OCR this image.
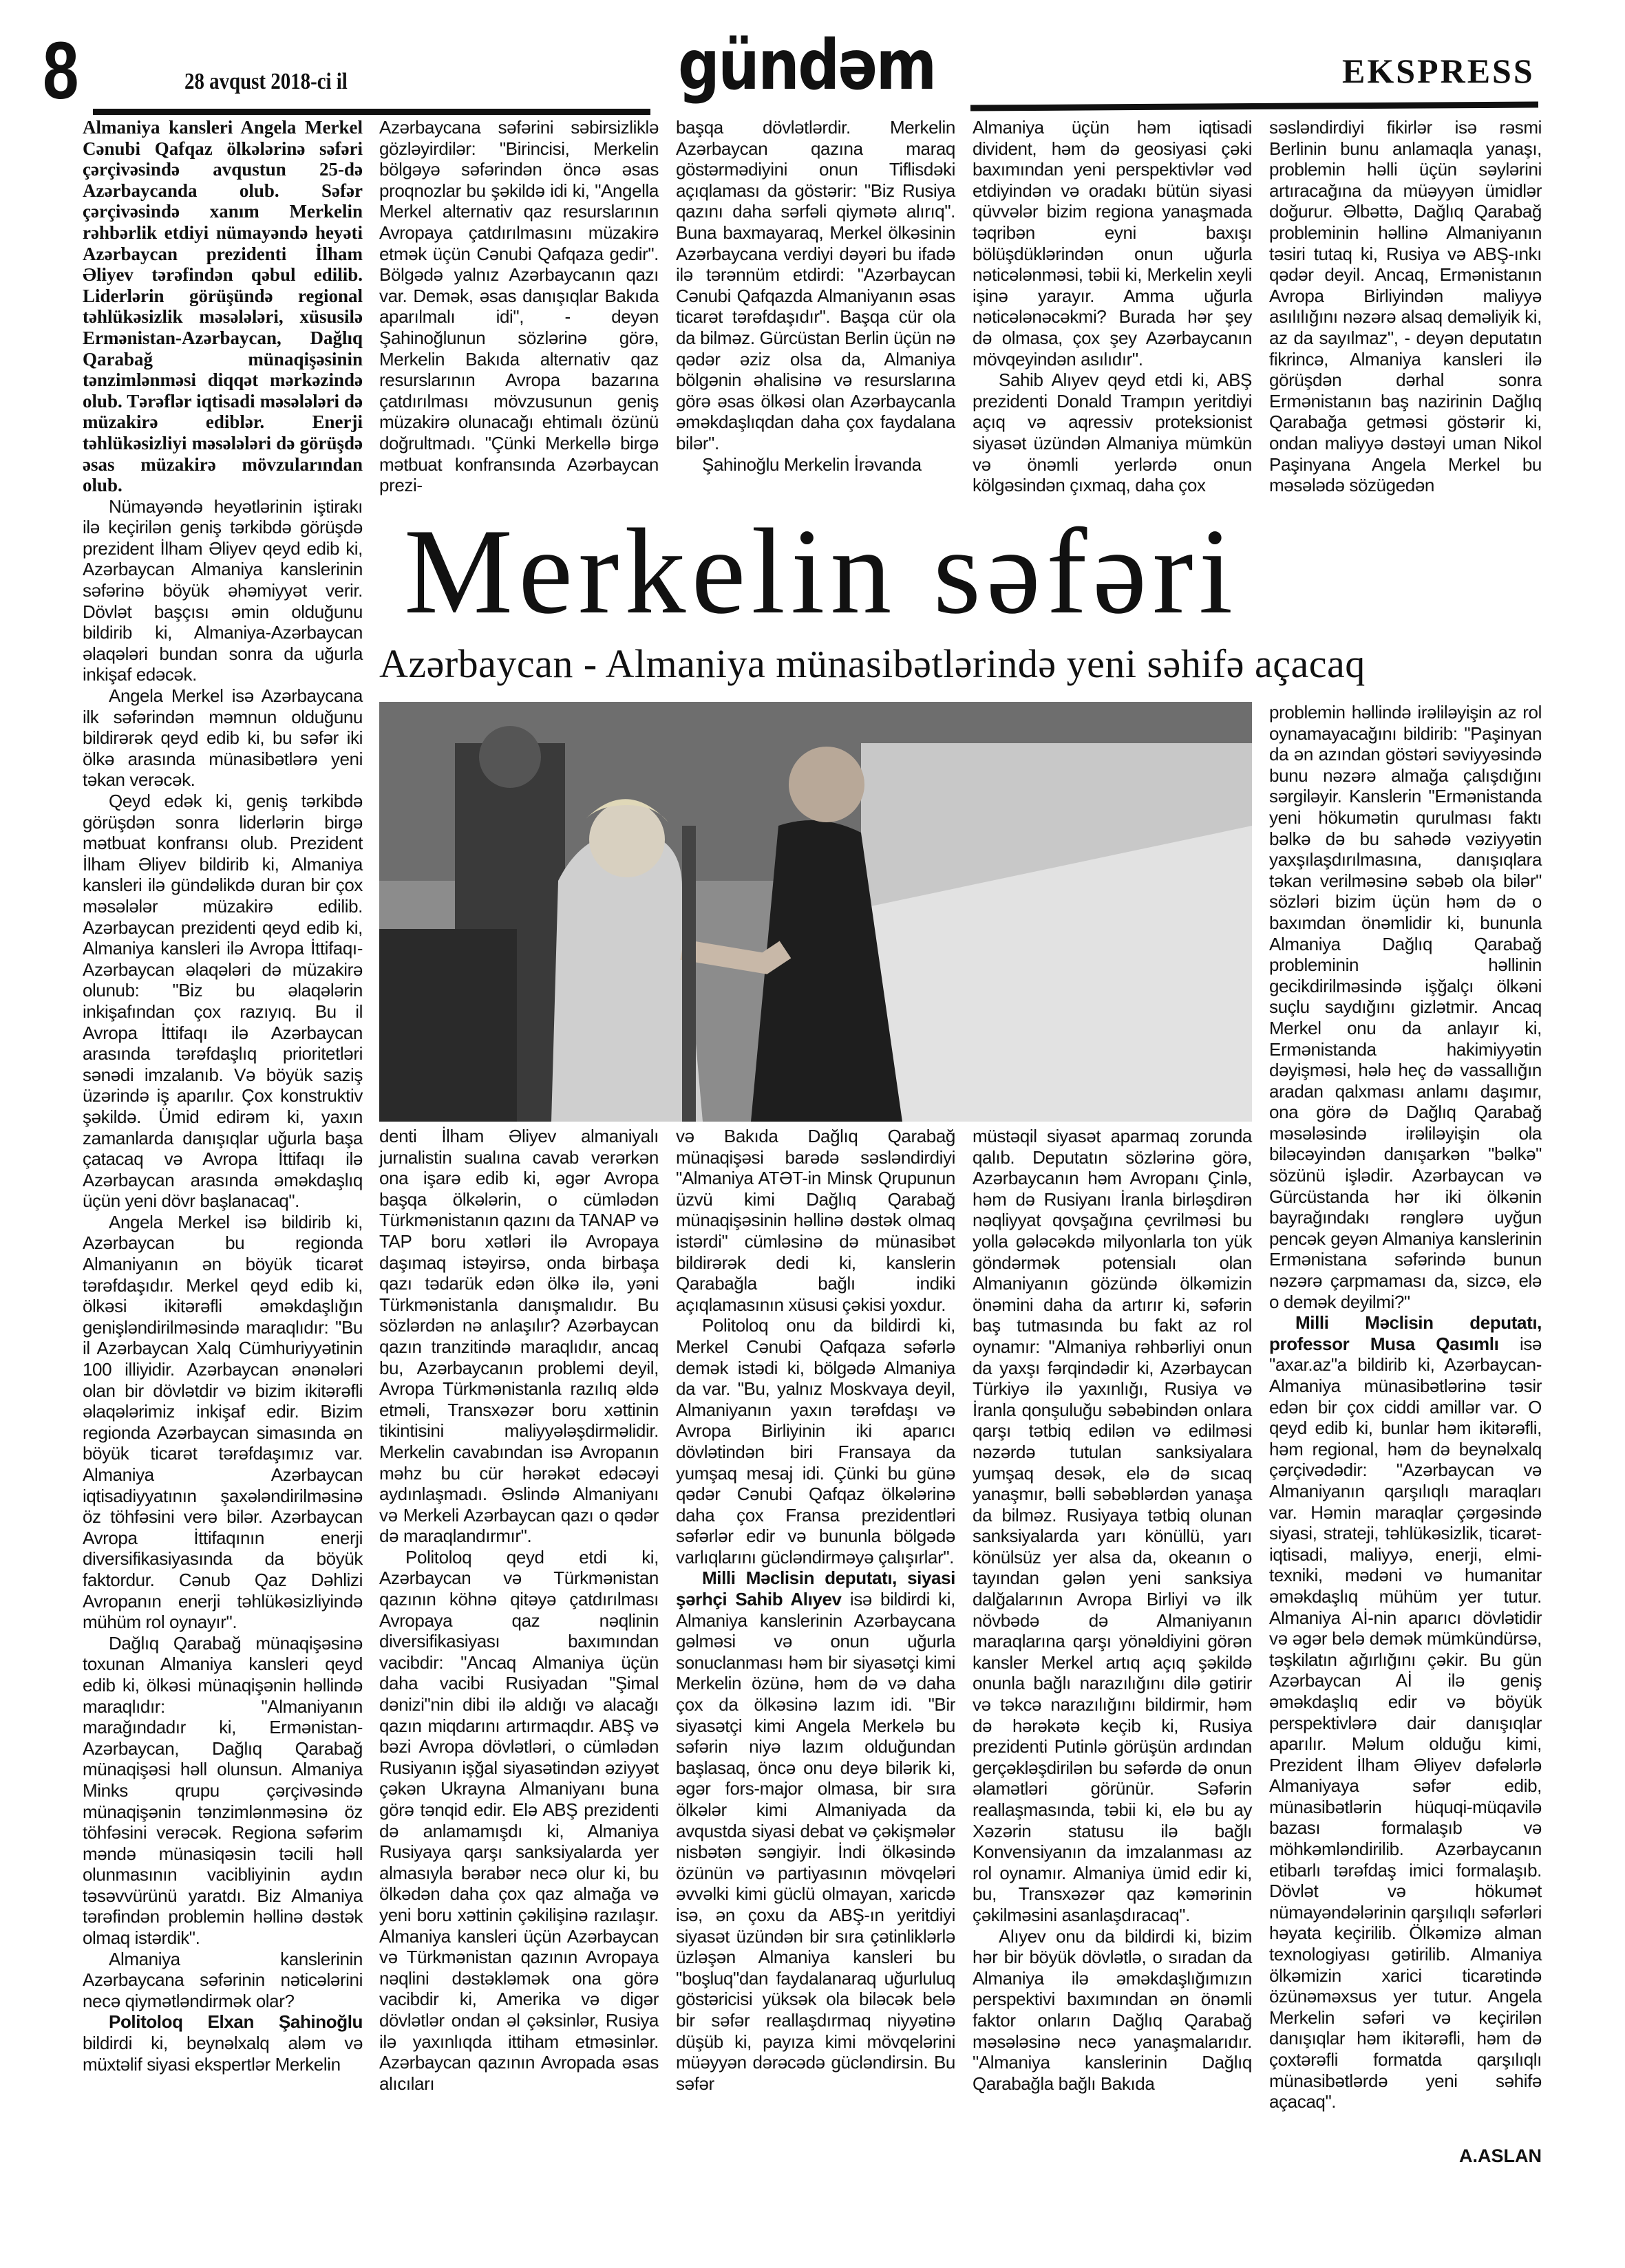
8	28 avqust 2018-ci il	gündəm	EKSPRESS

Almaniya kansleri Angela Merkel Cənubi Qafqaz ölkələrinə səfəri çərçivəsində avqustun 25-də Azərbaycanda olub. Səfər çərçivəsində xanım Merkelin rəhbərlik etdiyi nümayəndə heyəti Azərbaycan prezidenti İlham Əliyev tərəfindən qəbul edilib. Liderlərin görüşündə regional təhlükəsizlik məsələləri, xüsusilə Ermənistan-Azərbaycan, Dağlıq Qarabağ münaqişəsinin tənzimlənməsi diqqət mərkəzində olub. Tərəflər iqtisadi məsələləri də müzakirə ediblər. Enerji təhlükəsizliyi məsələləri də görüşdə əsas müzakirə mövzularından olub.

Nümayəndə heyətlərinin iştirakı ilə keçirilən geniş tərkibdə görüşdə prezident İlham Əliyev qeyd edib ki, Azərbaycan Almaniya kanslerinin səfərinə böyük əhəmiyyət verir. Dövlət başçısı əmin olduğunu bildirib ki, Almaniya-Azərbaycan əlaqələri bundan sonra da uğurla inkişaf edəcək.

Angela Merkel isə Azərbaycana ilk səfərindən məmnun olduğunu bildirərək qeyd edib ki, bu səfər iki ölkə arasında münasibətlərə yeni təkan verəcək.

Qeyd edək ki, geniş tərkibdə görüşdən sonra liderlərin birgə mətbuat konfransı olub. Prezident İlham Əliyev bildirib ki, Almaniya kansleri ilə gündəlikdə duran bir çox məsələlər müzakirə edilib. Azərbaycan prezidenti qeyd edib ki, Almaniya kansleri ilə Avropa İttifaqı-Azərbaycan əlaqələri də müzakirə olunub: "Biz bu əlaqələrin inkişafından çox razıyıq. Bu il Avropa İttifaqı ilə Azərbaycan arasında tərəfdaşlıq prioritetləri sənədi imzalanıb. Və böyük saziş üzərində iş aparılır. Çox konstruktiv şəkildə. Ümid edirəm ki, yaxın zamanlarda danışıqlar uğurla başa çatacaq və Avropa İttifaqı ilə Azərbaycan arasında əməkdaşlıq üçün yeni dövr başlanacaq".

Angela Merkel isə bildirib ki, Azərbaycan bu regionda Almaniyanın ən böyük ticarət tərəfdaşıdır. Merkel qeyd edib ki, ölkəsi ikitərəfli əməkdaşlığın genişləndirilməsində maraqlıdır: "Bu il Azərbaycan Xalq Cümhuriyyətinin 100 illiyidir. Azərbaycan ənənələri olan bir dövlətdir və bizim ikitərəfli əlaqələrimiz inkişaf edir. Bizim regionda Azərbaycan simasında ən böyük ticarət tərəfdaşımız var. Almaniya Azərbaycan iqtisadiyyatının şaxələndirilməsinə öz töhfəsini verə bilər. Azərbaycan Avropa İttifaqının enerji diversifikasiyasında da böyük faktordur. Cənub Qaz Dəhlizi Avropanın enerji təhlükəsizliyində mühüm rol oynayır".

Dağlıq Qarabağ münaqişəsinə toxunan Almaniya kansleri qeyd edib ki, ölkəsi münaqişənin həllində maraqlıdır: "Almaniyanın marağındadır ki, Ermənistan-Azərbaycan, Dağlıq Qarabağ münaqişəsi həll olunsun. Almaniya Minks qrupu çərçivəsində münaqişənin tənzimlənməsinə öz töhfəsini verəcək. Regiona səfərim məndə münasiqəsin təcili həll olunmasının vacibliyinin aydın təsəvvürünü yaratdı. Biz Almaniya tərəfindən problemin həllinə dəstək olmaq istərdik".

Almaniya kanslerinin Azərbaycana səfərinin nəticələrini necə qiymətləndirmək olar?

Politoloq Elxan Şahinoğlu bildirdi ki, beynəlxalq aləm və müxtəlif siyasi ekspertlər Merkelin

Azərbaycana səfərini səbirsizliklə gözləyirdilər: "Birincisi, Merkelin bölgəyə səfərindən öncə əsas proqnozlar bu şəkildə idi ki, "Angella Merkel alternativ qaz resurslarının Avropaya çatdırılmasını müzakirə etmək üçün Cənubi Qafqaza gedir". Bölgədə yalnız Azərbaycanın qazı var. Demək, əsas danışıqlar Bakıda aparılmalı idi", - deyən Şahinoğlunun sözlərinə görə, Merkelin Bakıda alternativ qaz resurslarının Avropa bazarına çatdırılması mövzusunun geniş müzakirə olunacağı ehtimalı özünü doğrultmadı. "Çünki Merkellə birgə mətbuat konfransında Azərbaycan prezi-

başqa dövlətlərdir. Merkelin Azərbaycan qazına maraq göstərmədiyini onun Tiflisdəki açıqlaması da göstərir: "Biz Rusiya qazını daha sərfəli qiymətə alırıq". Buna baxmayaraq, Merkel ölkəsinin Azərbaycana verdiyi dəyəri bu ifadə ilə tərənnüm etdirdi: "Azərbaycan Cənubi Qafqazda Almaniyanın əsas ticarət tərəfdaşıdır". Başqa cür ola da bilməz. Gürcüstan Berlin üçün nə qədər əziz olsa da, Almaniya bölgənin əhalisinə və resurslarına görə əsas ölkəsi olan Azərbaycanla əməkdaşlıqdan daha çox faydalana bilər".

Şahinoğlu Merkelin İrəvanda

Almaniya üçün həm iqtisadi divident, həm də geosiyasi çəki baxımından yeni perspektivlər vəd etdiyindən və oradakı bütün siyasi qüvvələr bizim regiona yanaşmada təqribən eyni baxışı bölüşdüklərindən onun uğurla nəticələnməsi, təbii ki, Merkelin xeyli işinə yarayır. Amma uğurla nəticələnəcəkmi? Burada hər şey də olmasa, çox şey Azərbaycanın mövqeyindən asılıdır".

Sahib Alıyev qeyd etdi ki, ABŞ prezidenti Donald Trampın yeritdiyi açıq və aqressiv proteksionist siyasət üzündən Almaniya mümkün və önəmli yerlərdə onun kölgəsindən çıxmaq, daha çox

səsləndirdiyi fikirlər isə rəsmi Berlinin bunu anlamaqla yanaşı, problemin həlli üçün səylərini artıracağına da müəyyən ümidlər doğurur. Əlbəttə, Dağlıq Qarabağ probleminin həllinə Almaniyanın təsiri tutaq ki, Rusiya və ABŞ-ınkı qədər deyil. Ancaq, Ermənistanın Avropa Birliyindən maliyyə asılılığını nəzərə alsaq deməliyik ki, az da sayılmaz", - deyən deputatın fikrincə, Almaniya kansleri ilə görüşdən dərhal sonra Ermənistanın baş nazirinin Dağlıq Qarabağa getməsi göstərir ki, ondan maliyyə dəstəyi uman Nikol Paşinyana Angela Merkel bu məsələdə sözügedən

Merkelin səfəri
Azərbaycan - Almaniya münasibətlərində yeni səhifə açacaq

denti İlham Əliyev almaniyalı jurnalistin sualına cavab verərkən ona işarə edib ki, əgər Avropa başqa ölkələrin, o cümlədən Türkmənistanın qazını da TANAP və TAP boru xətləri ilə Avropaya daşımaq istəyirsə, onda birbaşa qazı tədarük edən ölkə ilə, yəni Türkmənistanla danışmalıdır. Bu sözlərdən nə anlaşılır? Azərbaycan qazın tranzitində maraqlıdır, ancaq bu, Azərbaycanın problemi deyil, Avropa Türkmənistanla razılıq əldə etməli, Transxəzər boru xəttinin tikintisini maliyyələşdirməlidir. Merkelin cavabından isə Avropanın məhz bu cür hərəkət edəcəyi aydınlaşmadı. Əslində Almaniyanı və Merkeli Azərbaycan qazı o qədər də maraqlandırmır".

Politoloq qeyd etdi ki, Azərbaycan və Türkmənistan qazının köhnə qitəyə çatdırılması Avropaya qaz nəqlinin diversifikasiyası baxımından vacibdir: "Ancaq Almaniya üçün daha vacibi Rusiyadan "Şimal dənizi"nin dibi ilə aldığı və alacağı qazın miqdarını artırmaqdır. ABŞ və bəzi Avropa dövlətləri, o cümlədən Rusiyanın işğal siyasətindən əziyyət çəkən Ukrayna Almaniyanı buna görə tənqid edir. Elə ABŞ prezidenti də anlamamışdı ki, Almaniya Rusiyaya qarşı sanksiyalarda yer almasıyla bərabər necə olur ki, bu ölkədən daha çox qaz almağa və yeni boru xəttinin çəkilişinə razılaşır. Almaniya kansleri üçün Azərbaycan və Türkmənistan qazının Avropaya nəqlini dəstəkləmək ona görə vacibdir ki, Amerika və digər dövlətlər ondan əl çəksinlər, Rusiya ilə yaxınlıqda ittiham etməsinlər. Azərbaycan qazının Avropada əsas alıcıları

və Bakıda Dağlıq Qarabağ münaqişəsi barədə səsləndirdiyi "Almaniya ATƏT-in Minsk Qrupunun üzvü kimi Dağlıq Qarabağ münaqişəsinin həllinə dəstək olmaq istərdi" cümləsinə də münasibət bildirərək dedi ki, kanslerin Qarabağla bağlı indiki açıqlamasının xüsusi çəkisi yoxdur.

Politoloq onu da bildirdi ki, Merkel Cənubi Qafqaza səfərlə demək istədi ki, bölgədə Almaniya da var. "Bu, yalnız Moskvaya deyil, Almaniyanın yaxın tərəfdaşı və Avropa Birliyinin iki aparıcı dövlətindən biri Fransaya da yumşaq mesaj idi. Çünki bu günə qədər Cənubi Qafqaz ölkələrinə daha çox Fransa prezidentləri səfərlər edir və bununla bölgədə varlıqlarını gücləndirməyə çalışırlar".

Milli Məclisin deputatı, siyasi şərhçi Sahib Alıyev isə bildirdi ki, Almaniya kanslerinin Azərbaycana gəlməsi və onun uğurla sonuclanması həm bir siyasətçi kimi Merkelin özünə, həm də və daha çox da ölkəsinə lazım idi. "Bir siyasətçi kimi Angela Merkelə bu səfərin niyə lazım olduğundan başlasaq, öncə onu deyə bilərik ki, əgər fors-major olmasa, bir sıra ölkələr kimi Almaniyada da avqustda siyasi debat və çəkişmələr nisbətən səngiyir. İndi ölkəsində özünün və partiyasının mövqeləri əvvəlki kimi güclü olmayan, xaricdə isə, ən çoxu da ABŞ-ın yeritdiyi siyasət üzündən bir sıra çətinliklərlə üzləşən Almaniya kansleri bu "boşluq"dan faydalanaraq uğurluluq göstəricisi yüksək ola biləcək belə bir səfər reallaşdırmaq niyyətinə düşüb ki, payıza kimi mövqelərini müəyyən dərəcədə gücləndirsin. Bu səfər

müstəqil siyasət aparmaq zorunda qalıb. Deputatın sözlərinə görə, Azərbaycanın həm Avropanı Çinlə, həm də Rusiyanı İranla birləşdirən nəqliyyat qovşağına çevrilməsi bu yolla gələcəkdə milyonlarla ton yük göndərmək potensialı olan Almaniyanın gözündə ölkəmizin önəmini daha da artırır ki, səfərin baş tutmasında bu fakt az rol oynamır: "Almaniya rəhbərliyi onun da yaxşı fərqindədir ki, Azərbaycan Türkiyə ilə yaxınlığı, Rusiya və İranla qonşuluğu səbəbindən onlara qarşı tətbiq edilən və edilməsi nəzərdə tutulan sanksiyalara yumşaq desək, elə də sıcaq yanaşmır, bəlli səbəblərdən yanaşa da bilməz. Rusiyaya tətbiq olunan sanksiyalarda yarı könüllü, yarı könülsüz yer alsa da, okeanın o tayından gələn yeni sanksiya dalğalarının Avropa Birliyi və ilk növbədə də Almaniyanın maraqlarına qarşı yönəldiyini görən kansler Merkel artıq açıq şəkildə onunla bağlı narazılığını dilə gətirir və təkcə narazılığını bildirmir, həm də hərəkətə keçib ki, Rusiya prezidenti Putinlə görüşün ardından gerçəkləşdirilən bu səfərdə də onun əlamətləri görünür. Səfərin reallaşmasında, təbii ki, elə bu ay Xəzərin statusu ilə bağlı Konvensiyanın da imzalanması az rol oynamır. Almaniya ümid edir ki, bu, Transxəzər qaz kəmərinin çəkilməsini asanlaşdıracaq".

Alıyev onu da bildirdi ki, bizim hər bir böyük dövlətlə, o sıradan da Almaniya ilə əməkdaşlığımızın perspektivi baxımından ən önəmli faktor onların Dağlıq Qarabağ məsələsinə necə yanaşmalarıdır. "Almaniya kanslerinin Dağlıq Qarabağla bağlı Bakıda

problemin həllində irəliləyişin az rol oynamayacağını bildirib: "Paşinyan da ən azından göstəri səviyyəsində bunu nəzərə almağa çalışdığını sərgiləyir. Kanslerin "Ermənistanda yeni hökumətin qurulması faktı bəlkə də bu sahədə vəziyyətin yaxşılaşdırılmasına, danışıqlara təkan verilməsinə səbəb ola bilər" sözləri bizim üçün həm də o baxımdan önəmlidir ki, bununla Almaniya Dağlıq Qarabağ probleminin həllinin gecikdirilməsində işğalçı ölkəni suçlu saydığını gizlətmir. Ancaq Merkel onu da anlayır ki, Ermənistanda hakimiyyətin dəyişməsi, hələ heç də vassallığın aradan qalxması anlamı daşımır, ona görə də Dağlıq Qarabağ məsələsində irəliləyişin ola biləcəyindən danışarkən "bəlkə" sözünü işlədir. Azərbaycan və Gürcüstanda hər iki ölkənin bayrağındakı rənglərə uyğun pencək geyən Almaniya kanslerinin Ermənistana səfərində bunun nəzərə çarpmaması da, sizcə, elə o demək deyilmi?"

Milli Məclisin deputatı, professor Musa Qasımlı isə "axar.az"a bildirib ki, Azərbaycan-Almaniya münasibətlərinə təsir edən bir çox ciddi amillər var. O qeyd edib ki, bunlar həm ikitərəfli, həm regional, həm də beynəlxalq çərçivədədir: "Azərbaycan və Almaniyanın qarşılıqlı maraqları var. Həmin maraqlar çərgəsində siyasi, strateji, təhlükəsizlik, ticarət-iqtisadi, maliyyə, enerji, elmi-texniki, mədəni və humanitar əməkdaşlıq mühüm yer tutur. Almaniya Aİ-nin aparıcı dövlətidir və əgər belə demək mümkündürsə, təşkilatın ağırlığını çəkir. Bu gün Azərbaycan Aİ ilə geniş əməkdaşlıq edir və böyük perspektivlərə dair danışıqlar aparılır. Məlum olduğu kimi, Prezident İlham Əliyev dəfələrlə Almaniyaya səfər edib, münasibətlərin hüquqi-müqavilə bazası formalaşıb və möhkəmləndirilib. Azərbaycanın etibarlı tərəfdaş imici formalaşıb. Dövlət və hökumət nümayəndələrinin qarşılıqlı səfərləri həyata keçirilib. Ölkəmizə alman texnologiyası gətirilib. Almaniya ölkəmizin xarici ticarətində özünəməxsus yer tutur. Angela Merkelin səfəri və keçirilən danışıqlar həm ikitərəfli, həm də çoxtərəfli formatda qarşılıqlı münasibətlərdə yeni səhifə açacaq".

A.ASLAN
